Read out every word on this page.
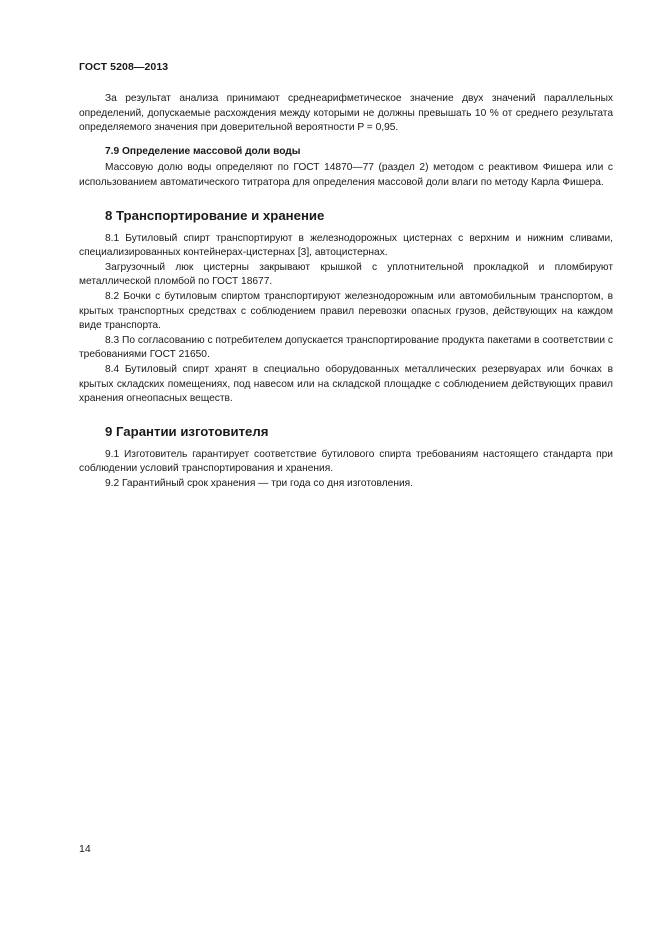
ГОСТ 5208—2013

За результат анализа принимают среднеарифметическое значение двух значений параллельных определений, допускаемые расхождения между которыми не должны превышать 10 % от среднего результата определяемого значения при доверительной вероятности P = 0,95.

7.9 Определение массовой доли воды

Массовую долю воды определяют по ГОСТ 14870—77 (раздел 2) методом с реактивом Фишера или с использованием автоматического титратора для определения массовой доли влаги по методу Карла Фишера.

8 Транспортирование и хранение

8.1 Бутиловый спирт транспортируют в железнодорожных цистернах с верхним и нижним сливами, специализированных контейнерах-цистернах [3], автоцистернах.

Загрузочный люк цистерны закрывают крышкой с уплотнительной прокладкой и пломбируют металлической пломбой по ГОСТ 18677.

8.2 Бочки с бутиловым спиртом транспортируют железнодорожным или автомобильным транспортом, в крытых транспортных средствах с соблюдением правил перевозки опасных грузов, действующих на каждом виде транспорта.

8.3 По согласованию с потребителем допускается транспортирование продукта пакетами в соответствии с требованиями ГОСТ 21650.

8.4 Бутиловый спирт хранят в специально оборудованных металлических резервуарах или бочках в крытых складских помещениях, под навесом или на складской площадке с соблюдением действующих правил хранения огнеопасных веществ.

9 Гарантии изготовителя

9.1 Изготовитель гарантирует соответствие бутилового спирта требованиям настоящего стандарта при соблюдении условий транспортирования и хранения.

9.2 Гарантийный срок хранения — три года со дня изготовления.

14
